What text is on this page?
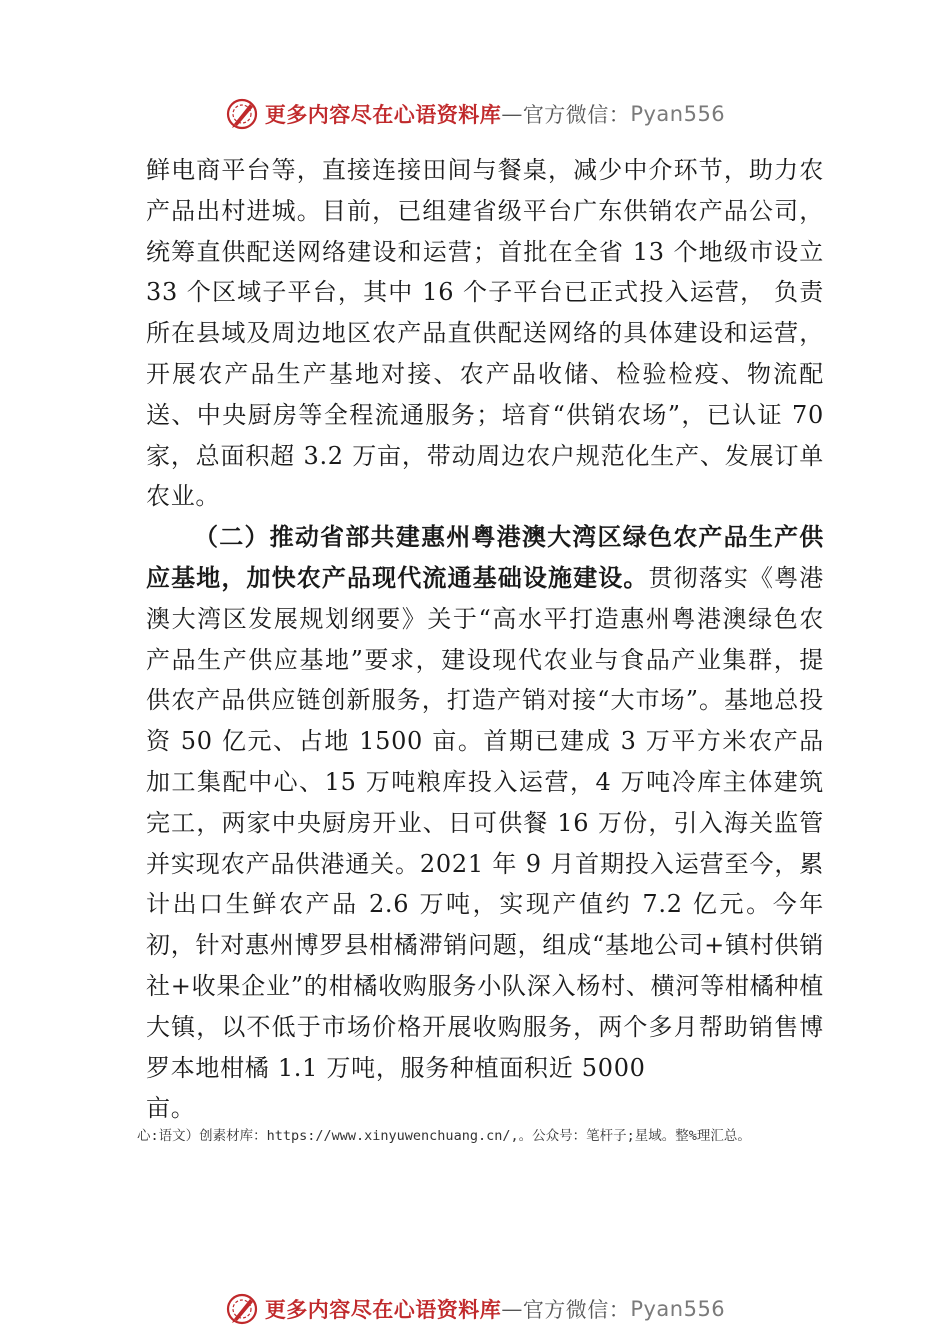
更多内容尽在心语资料库 — 官方微信： Pyan556

鲜电商平台等，直接连接田间与餐桌，减少中介环节，助力农产品出村进城。目前，已组建省级平台广东供销农产品公司，统筹直供配送网络建设和运营；首批在全省 13 个地级市设立 33 个区域子平台，其中 16 个子平台已正式投入运营， 负责所在县域及周边地区农产品直供配送网络的具体建设和运营，开展农产品生产基地对接、农产品收储、检验检疫、物流配送、中央厨房等全程流通服务；培育“供销农场”，已认证 70 家，总面积超 3.2 万亩，带动周边农户规范化生产、发展订单农业。

（二）推动省部共建惠州粤港澳大湾区绿色农产品生产供应基地，加快农产品现代流通基础设施建设。贯彻落实《粤港澳大湾区发展规划纲要》关于“高水平打造惠州粤港澳绿色农产品生产供应基地”要求，建设现代农业与食品产业集群，提供农产品供应链创新服务，打造产销对接“大市场”。基地总投资 50 亿元、占地 1500 亩。首期已建成 3 万平方米农产品加工集配中心、15 万吨粮库投入运营，4 万吨冷库主体建筑完工，两家中央厨房开业、日可供餐 16 万份，引入海关监管并实现农产品供港通关。2021 年 9 月首期投入运营至今，累计出口生鲜农产品 2.6 万吨，实现产值约 7.2 亿元。今年初，针对惠州博罗县柑橘滞销问题，组成“基地公司+镇村供销社+收果企业”的柑橘收购服务小队深入杨村、横河等柑橘种植大镇，以不低于市场价格开展收购服务，两个多月帮助销售博罗本地柑橘 1.1 万吨，服务种植面积近 5000

亩。

心:语文）创素材库：https://www.xinyuwenchuang.cn/,。公众号：笔杆子;星域。整%理汇总。
更多内容尽在心语资料库 — 官方微信： Pyan556
